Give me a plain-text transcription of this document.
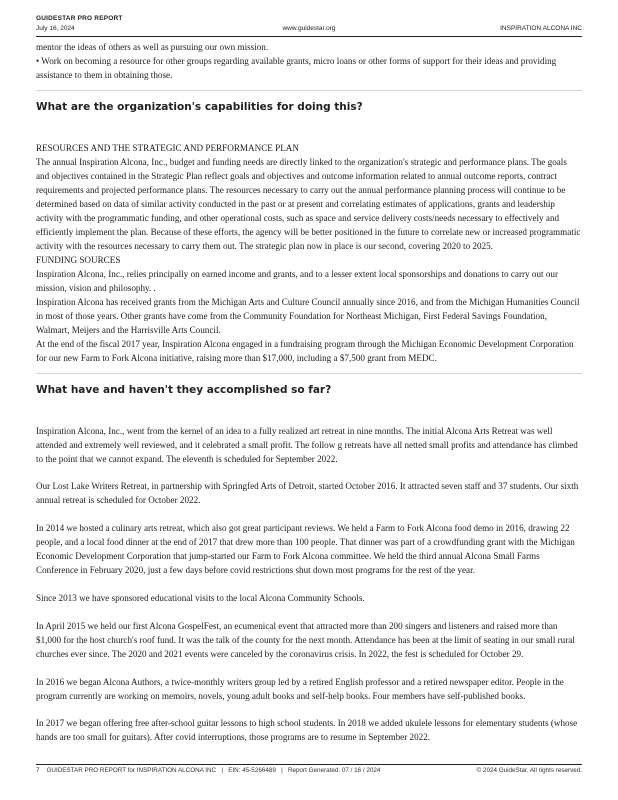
GUIDESTAR PRO REPORT
July 16, 2024	www.guidestar.org	INSPIRATION ALCONA INC

mentor the ideas of others as well as pursuing our own mission.

• Work on becoming a resource for other groups regarding available grants, micro loans or other forms of support for their ideas and providing assistance to them in obtaining those.

What are the organization's capabilities for doing this?

RESOURCES AND THE STRATEGIC AND PERFORMANCE PLAN

The annual Inspiration Alcona, Inc., budget and funding needs are directly linked to the organization's strategic and performance plans. The goals and objectives contained in the Strategic Plan reflect goals and objectives and outcome information related to annual outcome reports, contract requirements and projected performance plans. The resources necessary to carry out the annual performance planning process will continue to be determined based on data of similar activity conducted in the past or at present and correlating estimates of applications, grants and leadership activity with the programmatic funding, and other operational costs, such as space and service delivery costs/needs necessary to effectively and efficiently implement the plan. Because of these efforts, the agency will be better positioned in the future to correlate new or increased programmatic activity with the resources necessary to carry them out. The strategic plan now in place is our second, covering 2020 to 2025.

FUNDING SOURCES

Inspiration Alcona, Inc., relies principally on earned income and grants, and to a lesser extent local sponsorships and donations to carry out our mission, vision and philosophy. .

Inspiration Alcona has received grants from the Michigan Arts and Culture Council annually since 2016, and from the Michigan Humanities Council in most of those years. Other grants have come from the Community Foundation for Northeast Michigan, First Federal Savings Foundation, Walmart, Meijers and the Harrisville Arts Council.

At the end of the fiscal 2017 year, Inspiration Alcona engaged in a fundraising program through the Michigan Economic Development Corporation for our new Farm to Fork Alcona initiative, raising more than $17,000, including a $7,500 grant from MEDC.

What have and haven't they accomplished so far?

Inspiration Alcona, Inc., went from the kernel of an idea to a fully realized art retreat in nine months. The initial Alcona Arts Retreat was well attended and extremely well reviewed, and it celebrated a small profit. The follow g retreats have all netted small profits and attendance has climbed to the point that we cannot expand. The eleventh is scheduled for September 2022.

Our Lost Lake Writers Retreat, in partnership with Springfed Arts of Detroit, started October 2016. It attracted seven staff and 37 students. Our sixth annual retreat is scheduled for October 2022.

In 2014 we hosted a culinary arts retreat, which also got great participant reviews. We held a Farm to Fork Alcona food demo in 2016, drawing 22 people, and a local food dinner at the end of 2017 that drew more than 100 people. That dinner was part of a crowdfunding grant with the Michigan Economic Development Corporation that jump-started our Farm to Fork Alcona committee. We held the third annual Alcona Small Farms Conference in February 2020, just a few days before covid restrictions shut down most programs for the rest of the year.

Since 2013 we have sponsored educational visits to the local Alcona Community Schools.

In April 2015 we held our first Alcona GospelFest, an ecumenical event that attracted more than 200 singers and listeners and raised more than $1,000 for the host church's roof fund. It was the talk of the county for the next month. Attendance has been at the limit of seating in our small rural churches ever since. The 2020 and 2021 events were canceled by the coronavirus crisis. In 2022, the fest is scheduled for October 29.

In 2016 we began Alcona Authors, a twice-monthly writers group led by a retired English professor and a retired newspaper editor. People in the program currently are working on memoirs, novels, young adult books and self-help books. Four members have self-published books.

In 2017 we began offering free after-school guitar lessons to high school students. In 2018 we added ukulele lessons for elementary students (whose hands are too small for guitars). After covid interruptions, those programs are to resume in September 2022.

7    GUIDESTAR PRO REPORT for INSPIRATION ALCONA INC   |   EIN: 45-5266489   |   Report Generated: 07 / 16 / 2024	© 2024 GuideStar. All rights reserved.
